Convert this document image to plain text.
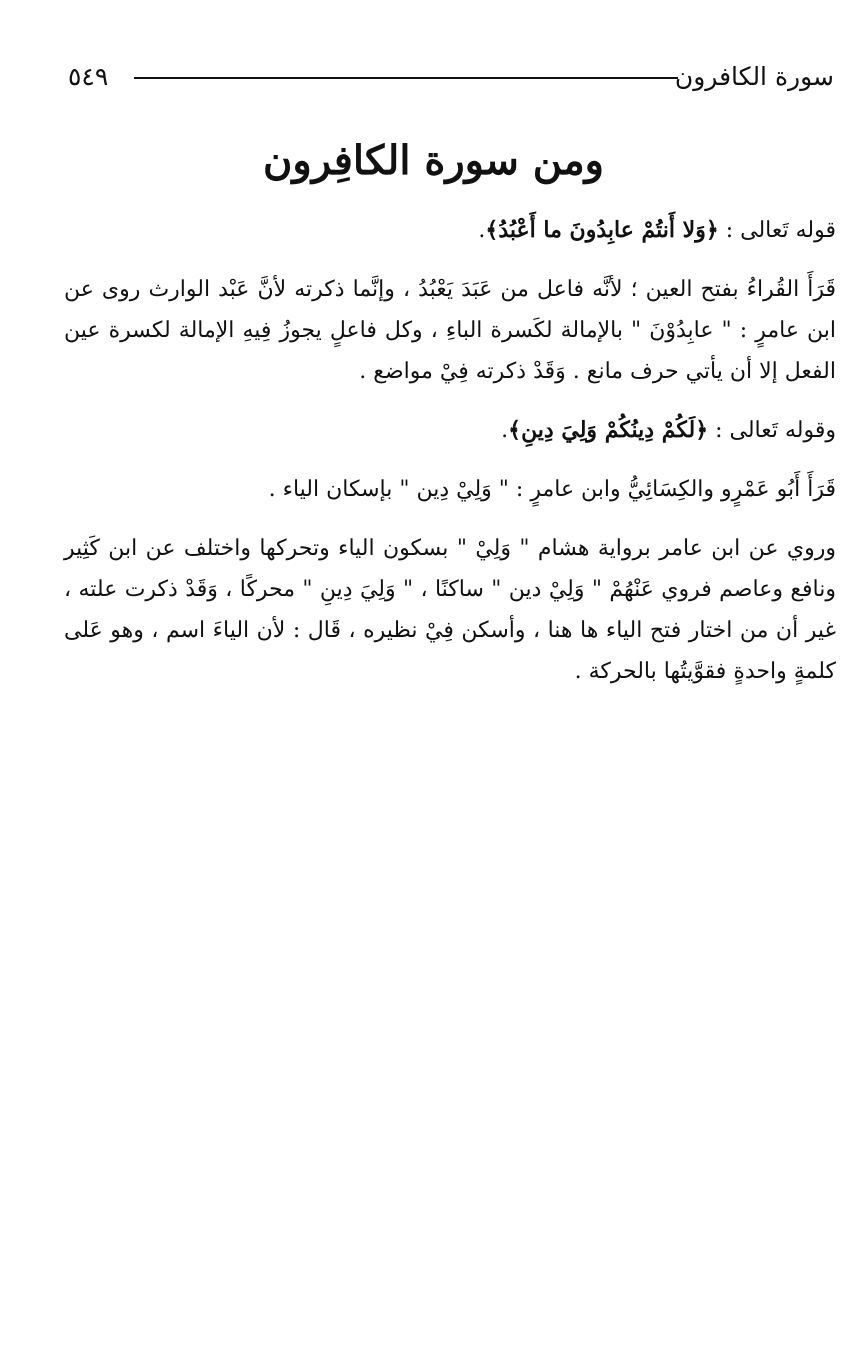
٥٤٩	سورة الكافرون
ومن سورة الكافِرون

قوله تَعالى : ﴿وَلا أَنتُمْ عابِدُونَ ما أَعْبُدُ﴾.

قَرَأَ القُراءُ بفتح العين ؛ لأنَّه فاعل من عَبَدَ يَعْبُدُ ، وإنَّما ذكرته لأنَّ عَبْد الوارث روى عن ابن عامرٍ : " عابِدُوْنَ " بالإمالة لكَسرة الباءِ ، وكل فاعلٍ يجوزُ فِيهِ الإمالة لكسرة عين الفعل إلا أن يأتي حرف مانع . وَقَدْ ذكرته فِيْ مواضع .

وقوله تَعالى : ﴿لَكُمْ دِينُكُمْ وَلِيَ دِينِ﴾.

قَرَأَ أَبُو عَمْرٍو والكِسَائِيُّ وابن عامرٍ : " وَلِيْ دِين " بإسكان الياء .

وروي عن ابن عامر برواية هشام " وَلِيْ " بسكون الياء وتحركها واختلف عن ابن كَثِير ونافع وعاصم فروي عَنْهُمْ " وَلِيْ دين " ساكنًا ، " وَلِيَ دِينِ " محركًا ، وَقَدْ ذكرت علته ، غير أن من اختار فتح الياء ها هنا ، وأسكن فِيْ نظيره ، قَال : لأن الياءَ اسم ، وهو عَلى كلمةٍ واحدةٍ فقوَّيتُها بالحركة .
